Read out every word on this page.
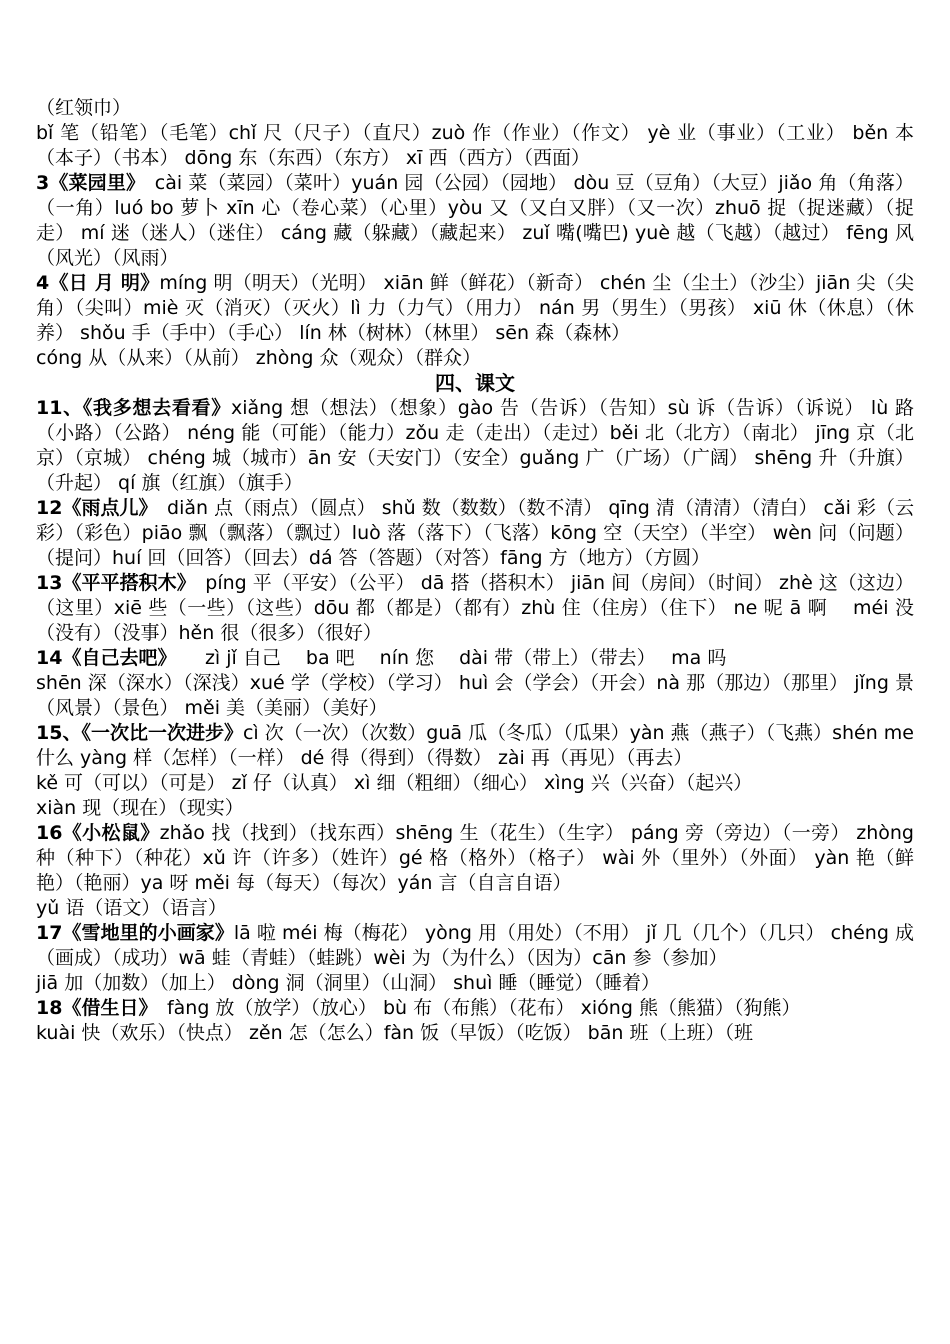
（红领巾）

bǐ 笔（铅笔）（毛笔）chǐ 尺（尺子）（直尺）zuò 作（作业）（作文） yè 业（事业）（工业） běn 本（本子）（书本） dōng 东（东西）（东方） xī 西（西方）（西面）

3《菜园里》　cài 菜（菜园）（菜叶）yuán 园（公园）（园地） dòu 豆（豆角）（大豆）jiǎo 角（角落）（一角）luó bo 萝卜 xīn 心（卷心菜）（心里）yòu 又（又白又胖）（又一次）zhuō 捉（捉迷藏）（捉走） mí 迷（迷人）（迷住） cáng 藏（躲藏）（藏起来） zuǐ 嘴(嘴巴) yuè 越（飞越）（越过） fēng 风（风光）（风雨）

4《日 月 明》míng 明（明天）（光明） xiān 鲜（鲜花）（新奇） chén 尘（尘土）（沙尘）jiān 尖（尖角）（尖叫）miè 灭（消灭）（灭火）lì 力（力气）（用力） nán 男（男生）（男孩） xiū 休（休息）（休养） shǒu 手（手中）（手心） lín 林（树林）（林里） sēn 森（森林）

cóng 从（从来）（从前） zhòng 众（观众）（群众）

四、课文

11、《我多想去看看》xiǎng 想（想法）（想象）gào 告（告诉）（告知）sù 诉（告诉）（诉说） lù 路（小路）（公路） néng 能（可能）（能力）zǒu 走（走出）（走过）běi 北（北方）（南北） jīng 京（北京）（京城） chéng 城（城市）ān 安（天安门）（安全）guǎng 广（广场）（广阔） shēng 升（升旗）（升起） qí 旗（红旗）（旗手）

12《雨点儿》　diǎn 点（雨点）（圆点） shǔ 数（数数）（数不清） qīng 清（清清）（清白） cǎi 彩（云彩）（彩色）piāo 飘（飘落）（飘过）luò 落（落下）（飞落）kōng 空（天空）（半空） wèn 问（问题）（提问）huí 回（回答）（回去）dá 答（答题）（对答）fāng 方（地方）（方圆）

13《平平搭积木》　píng 平（平安）（公平） dā 搭（搭积木） jiān 间（房间）（时间） zhè 这（这边）（这里）xiē 些（一些）（这些）dōu 都（都是）（都有）zhù 住（住房）（住下） ne 呢 ā 啊　 méi 没（没有）（没事）hěn 很（很多）（很好）

14《自己去吧》　　zì jǐ 自己　 ba 吧　 nín 您　 dài 带（带上）（带去）　 ma 吗

shēn 深（深水）（深浅）xué 学（学校）（学习） huì 会（学会）（开会）nà 那（那边）（那里） jǐng 景（风景）（景色） měi 美（美丽）（美好）

15、《一次比一次进步》cì 次（一次）（次数）guā 瓜（冬瓜）（瓜果）yàn 燕（燕子）（飞燕）shén me 什么 yàng 样（怎样）（一样） dé 得（得到）（得数） zài 再（再见）（再去）

kě 可（可以）（可是） zǐ 仔（认真） xì 细（粗细）（细心） xìng 兴（兴奋）（起兴）

xiàn 现（现在）（现实）

16《小松鼠》zhǎo 找（找到）（找东西）shēng 生（花生）（生字） páng 旁（旁边）（一旁） zhòng 种（种下）（种花）xǔ 许（许多）（姓许）gé 格（格外）（格子） wài 外（里外）（外面） yàn 艳（鲜艳）（艳丽）ya 呀 měi 每（每天）（每次）yán 言（自言自语）

yǔ 语（语文）（语言）

17《雪地里的小画家》lā 啦 méi 梅（梅花） yòng 用（用处）（不用） jǐ 几（几个）（几只） chéng 成（画成）（成功）wā 蛙（青蛙）（蛙跳）wèi 为（为什么）（因为）cān 参（参加）

jiā 加（加数）（加上） dòng 洞（洞里）（山洞） shuì 睡（睡觉）（睡着）

18《借生日》　fàng 放（放学）（放心） bù 布（布熊）（花布） xióng 熊（熊猫）（狗熊）

kuài 快（欢乐）（快点） zěn 怎（怎么）fàn 饭（早饭）（吃饭） bān 班（上班）（班
